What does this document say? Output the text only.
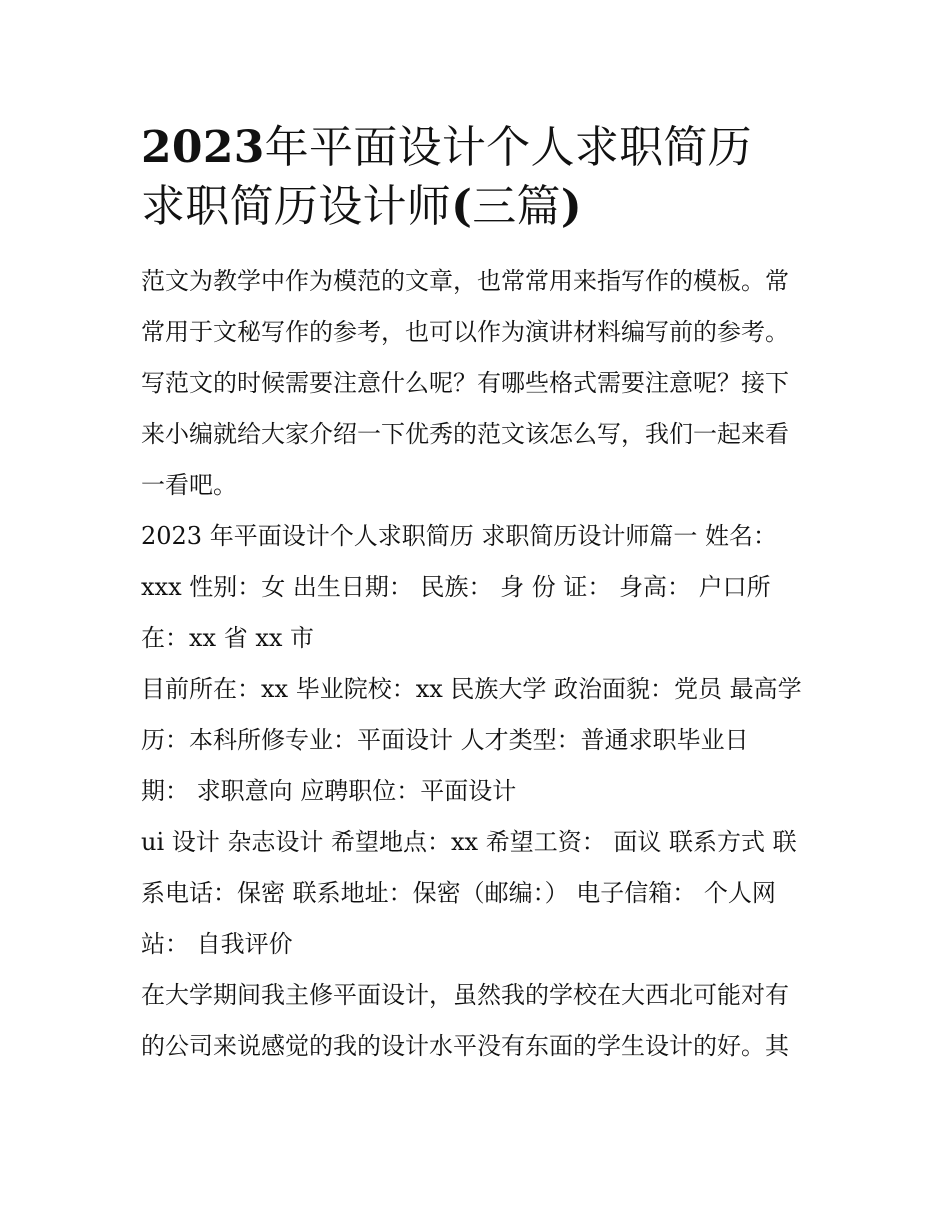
2023年平面设计个人求职简历
求职简历设计师(三篇)

范文为教学中作为模范的文章，也常常用来指写作的模板。常
常用于文秘写作的参考，也可以作为演讲材料编写前的参考。
写范文的时候需要注意什么呢？有哪些格式需要注意呢？接下
来小编就给大家介绍一下优秀的范文该怎么写，我们一起来看
一看吧。

2023 年平面设计个人求职简历 求职简历设计师篇一 姓名：
xxx 性别：女 出生日期： 民族： 身 份 证： 身高： 户口所
在：xx 省 xx 市

目前所在：xx 毕业院校：xx 民族大学 政治面貌：党员 最高学
历：本科所修专业：平面设计 人才类型：普通求职毕业日
期： 求职意向 应聘职位：平面设计

ui 设计 杂志设计 希望地点：xx 希望工资： 面议 联系方式 联
系电话：保密 联系地址：保密（邮编：） 电子信箱： 个人网
站： 自我评价

在大学期间我主修平面设计，虽然我的学校在大西北可能对有
的公司来说感觉的我的设计水平没有东面的学生设计的好。其
